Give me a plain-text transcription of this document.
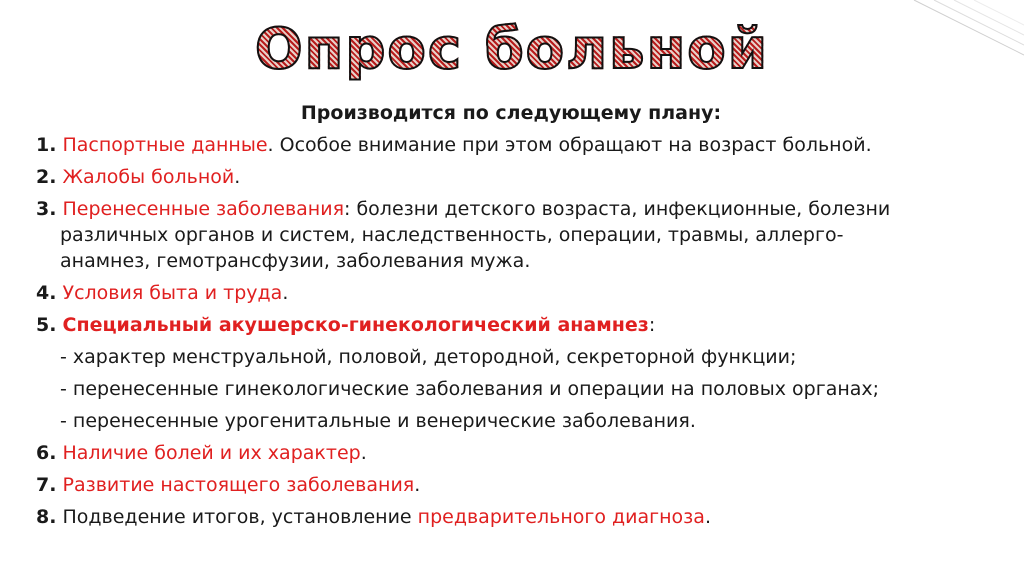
Опрос больной
Производится по следующему плану:
1. Паспортные данные. Особое внимание при этом обращают на возраст больной.
2. Жалобы больной.
3. Перенесенные заболевания: болезни детского возраста, инфекционные, болезни
различных органов и систем, наследственность, операции, травмы, аллерго-
анамнез, гемотрансфузии, заболевания мужа.
4. Условия быта и труда.
5. Специальный акушерско-гинекологический анамнез:
- характер менструальной, половой, детородной, секреторной функции;
- перенесенные гинекологические заболевания и операции на половых органах;
- перенесенные урогенитальные и венерические заболевания.
6. Наличие болей и их характер.
7. Развитие настоящего заболевания.
8. Подведение итогов, установление предварительного диагноза.
